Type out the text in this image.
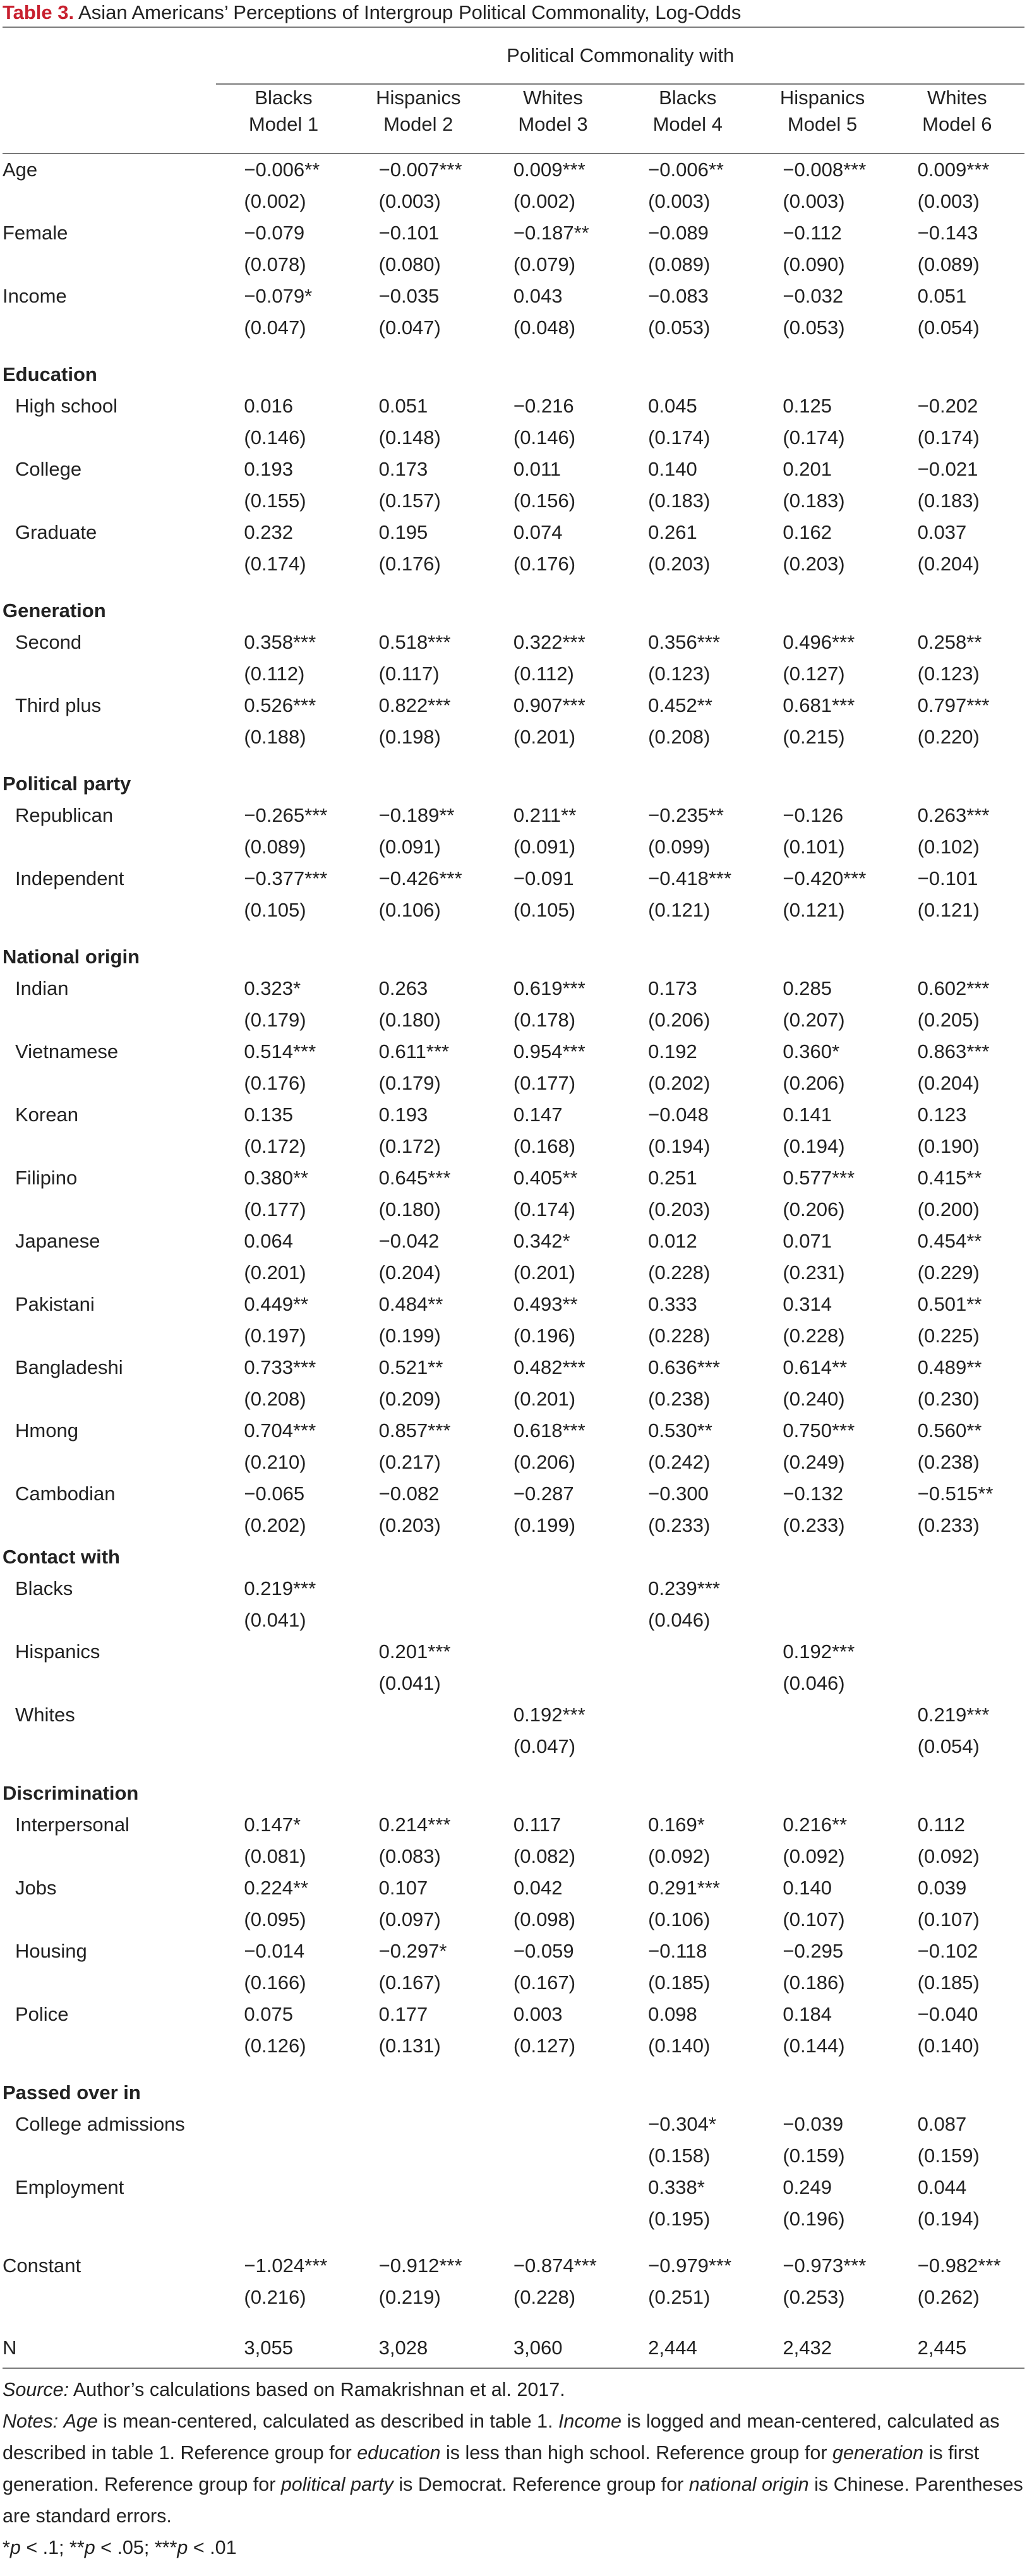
Table 3. Asian Americans’ Perceptions of Intergroup Political Commonality, Log-Odds
	Political Commonality with					
	Blacks	Hispanics	Whites	Blacks	Hispanics	Whites
	Model 1	Model 2	Model 3	Model 4	Model 5	Model 6
Age	−0.006**	−0.007***	0.009***	−0.006**	−0.008***	0.009***
	(0.002)	(0.003)	(0.002)	(0.003)	(0.003)	(0.003)
Female	−0.079	−0.101	−0.187**	−0.089	−0.112	−0.143
	(0.078)	(0.080)	(0.079)	(0.089)	(0.090)	(0.089)
Income	−0.079*	−0.035	0.043	−0.083	−0.032	0.051
	(0.047)	(0.047)	(0.048)	(0.053)	(0.053)	(0.054)

Education						
High school	0.016	0.051	−0.216	0.045	0.125	−0.202
	(0.146)	(0.148)	(0.146)	(0.174)	(0.174)	(0.174)
College	0.193	0.173	0.011	0.140	0.201	−0.021
	(0.155)	(0.157)	(0.156)	(0.183)	(0.183)	(0.183)
Graduate	0.232	0.195	0.074	0.261	0.162	0.037
	(0.174)	(0.176)	(0.176)	(0.203)	(0.203)	(0.204)

Generation						
Second	0.358***	0.518***	0.322***	0.356***	0.496***	0.258**
	(0.112)	(0.117)	(0.112)	(0.123)	(0.127)	(0.123)
Third plus	0.526***	0.822***	0.907***	0.452**	0.681***	0.797***
	(0.188)	(0.198)	(0.201)	(0.208)	(0.215)	(0.220)

Political party						
Republican	−0.265***	−0.189**	0.211**	−0.235**	−0.126	0.263***
	(0.089)	(0.091)	(0.091)	(0.099)	(0.101)	(0.102)
Independent	−0.377***	−0.426***	−0.091	−0.418***	−0.420***	−0.101
	(0.105)	(0.106)	(0.105)	(0.121)	(0.121)	(0.121)

National origin						
Indian	0.323*	0.263	0.619***	0.173	0.285	0.602***
	(0.179)	(0.180)	(0.178)	(0.206)	(0.207)	(0.205)
Vietnamese	0.514***	0.611***	0.954***	0.192	0.360*	0.863***
	(0.176)	(0.179)	(0.177)	(0.202)	(0.206)	(0.204)
Korean	0.135	0.193	0.147	−0.048	0.141	0.123
	(0.172)	(0.172)	(0.168)	(0.194)	(0.194)	(0.190)
Filipino	0.380**	0.645***	0.405**	0.251	0.577***	0.415**
	(0.177)	(0.180)	(0.174)	(0.203)	(0.206)	(0.200)
Japanese	0.064	−0.042	0.342*	0.012	0.071	0.454**
	(0.201)	(0.204)	(0.201)	(0.228)	(0.231)	(0.229)
Pakistani	0.449**	0.484**	0.493**	0.333	0.314	0.501**
	(0.197)	(0.199)	(0.196)	(0.228)	(0.228)	(0.225)
Bangladeshi	0.733***	0.521**	0.482***	0.636***	0.614**	0.489**
	(0.208)	(0.209)	(0.201)	(0.238)	(0.240)	(0.230)
Hmong	0.704***	0.857***	0.618***	0.530**	0.750***	0.560**
	(0.210)	(0.217)	(0.206)	(0.242)	(0.249)	(0.238)
Cambodian	−0.065	−0.082	−0.287	−0.300	−0.132	−0.515**
	(0.202)	(0.203)	(0.199)	(0.233)	(0.233)	(0.233)
Contact with						
Blacks	0.219***			0.239***		
	(0.041)			(0.046)		
Hispanics		0.201***			0.192***	
		(0.041)			(0.046)	
Whites			0.192***			0.219***
			(0.047)			(0.054)

Discrimination						
Interpersonal	0.147*	0.214***	0.117	0.169*	0.216**	0.112
	(0.081)	(0.083)	(0.082)	(0.092)	(0.092)	(0.092)
Jobs	0.224**	0.107	0.042	0.291***	0.140	0.039
	(0.095)	(0.097)	(0.098)	(0.106)	(0.107)	(0.107)
Housing	−0.014	−0.297*	−0.059	−0.118	−0.295	−0.102
	(0.166)	(0.167)	(0.167)	(0.185)	(0.186)	(0.185)
Police	0.075	0.177	0.003	0.098	0.184	−0.040
	(0.126)	(0.131)	(0.127)	(0.140)	(0.144)	(0.140)

Passed over in						
College admissions				−0.304*	−0.039	0.087
				(0.158)	(0.159)	(0.159)
Employment				0.338*	0.249	0.044
				(0.195)	(0.196)	(0.194)

Constant	−1.024***	−0.912***	−0.874***	−0.979***	−0.973***	−0.982***
	(0.216)	(0.219)	(0.228)	(0.251)	(0.253)	(0.262)

N	3,055	3,028	3,060	2,444	2,432	2,445

Source: Author’s calculations based on Ramakrishnan et al. 2017.

Notes: Age is mean-centered, calculated as described in table 1. Income is logged and mean-centered, calculated as described in table 1. Reference group for education is less than high school. Reference group for generation is first generation. Reference group for political party is Democrat. Reference group for national origin is Chinese. Parentheses are standard errors.

*p < .1; **p < .05; ***p < .01
